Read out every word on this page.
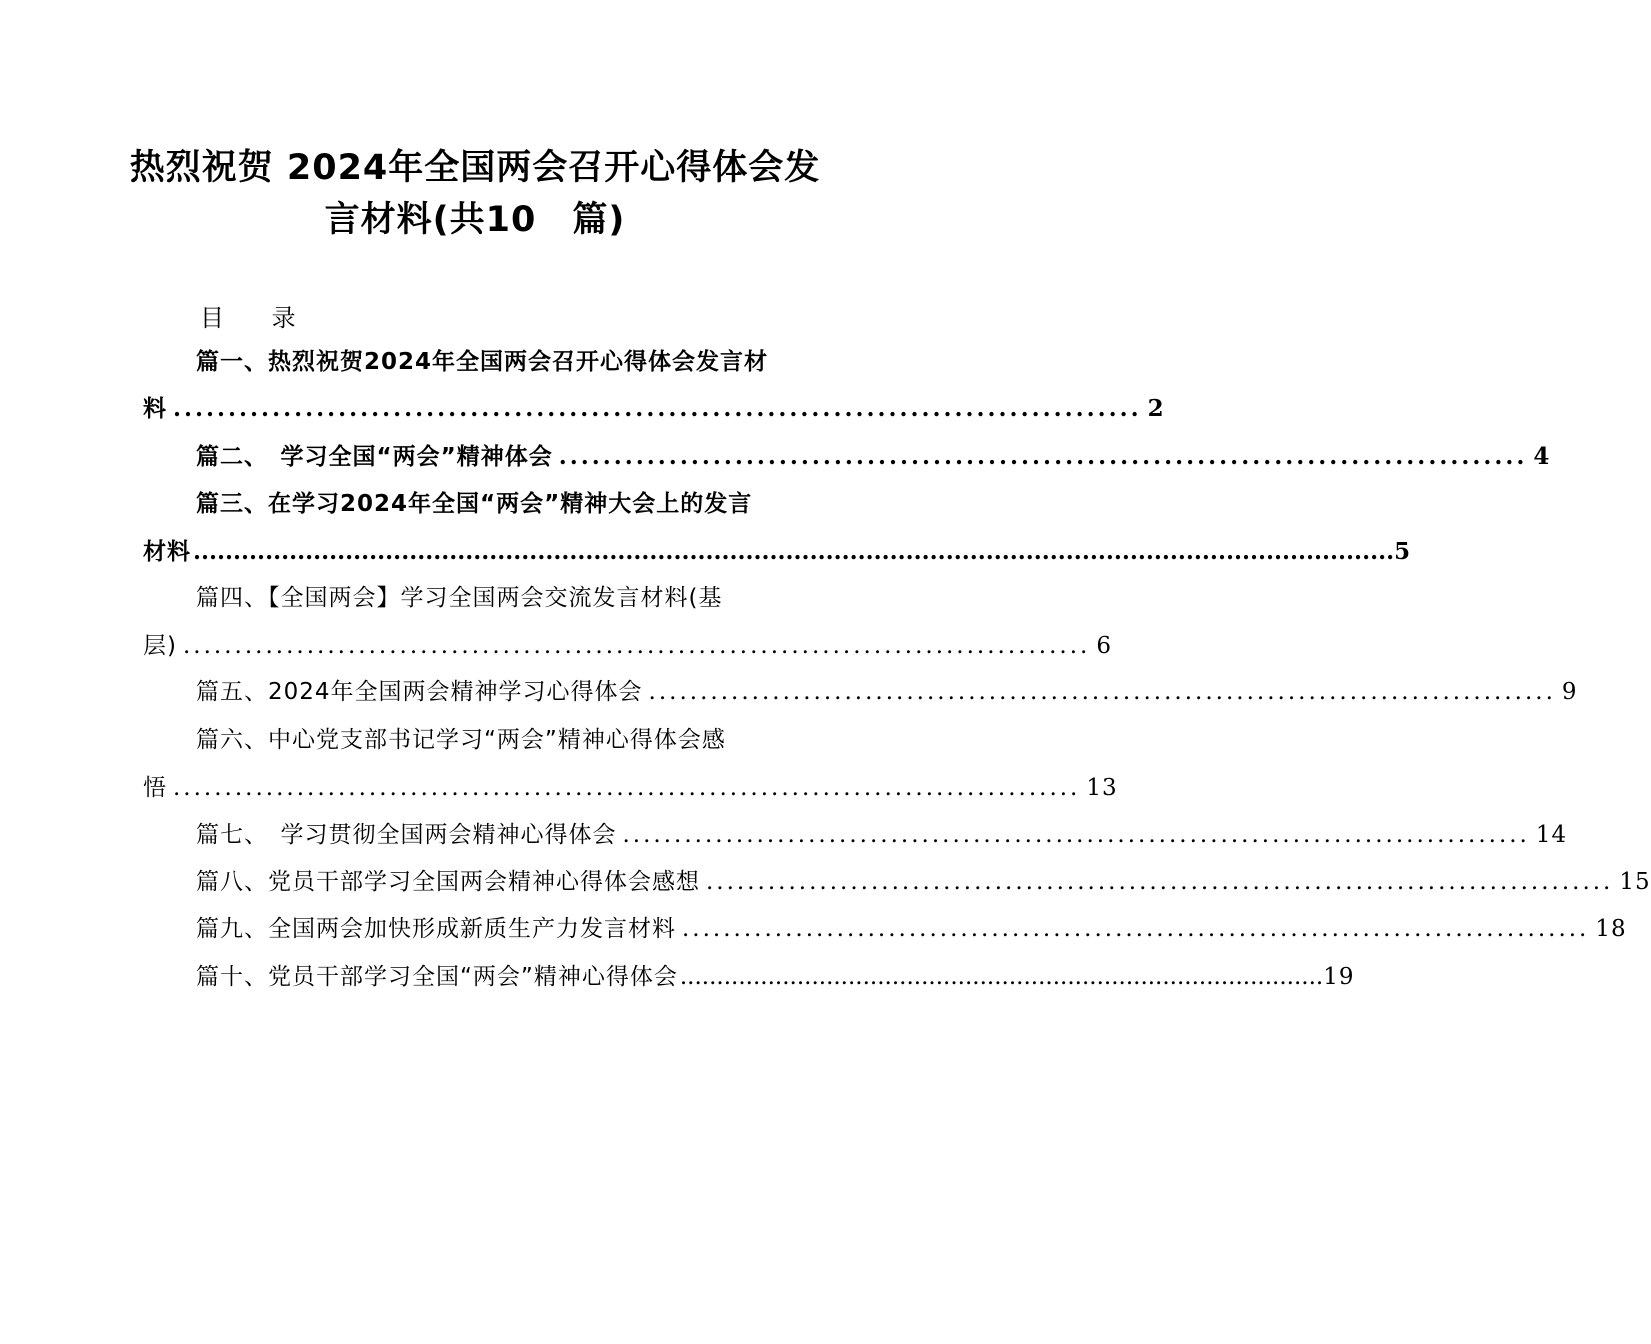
热烈祝贺 2024年全国两会召开心得体会发
言材料(共10　篇)
目 录
篇一、热烈祝贺2024年全国两会召开心得体会发言材
料 ........................................................................................ 2
篇二、　学习全国“两会”精神体会 ........................................................................................ 4
篇三、在学习2024年全国“两会”精神大会上的发言
材料 ...................................................................................................................................................... 5
篇四、【全国两会】学习全国两会交流发言材料(基
层) ........................................................................................ 6
篇五、2024年全国两会精神学习心得体会 ........................................................................................ 9
篇六、中心党支部书记学习“两会”精神心得体会感
悟 ........................................................................................ 13
篇七、　学习贯彻全国两会精神心得体会 ........................................................................................ 14
篇八、党员干部学习全国两会精神心得体会感想 ........................................................................................ 15
篇九、全国两会加快形成新质生产力发言材料 ........................................................................................ 18
篇十、党员干部学习全国“两会”精神心得体会 ........................................................................................ 19
